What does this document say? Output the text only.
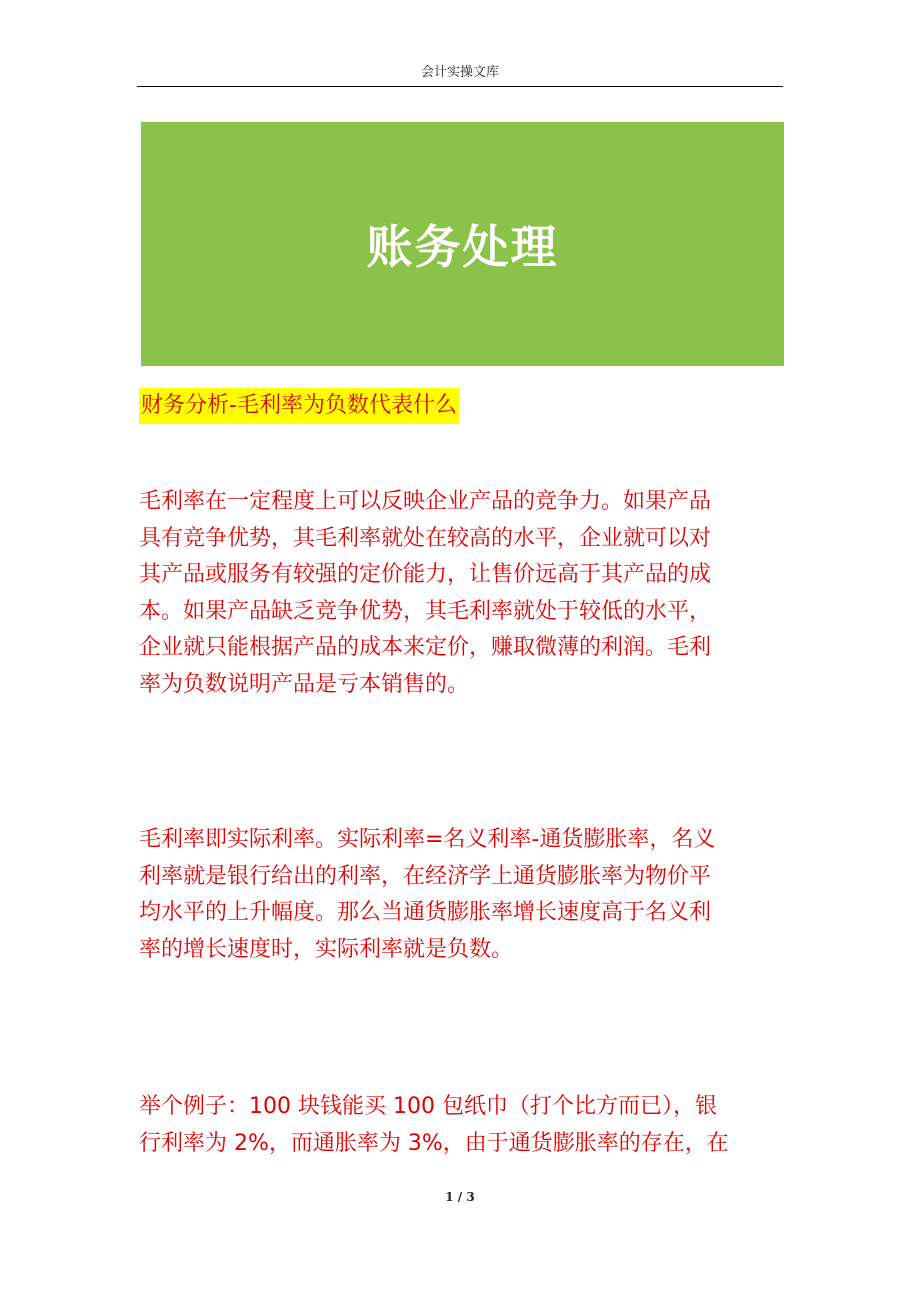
会计实操文库
账务处理
财务分析-毛利率为负数代表什么
毛利率在一定程度上可以反映企业产品的竞争力。如果产品
具有竞争优势，其毛利率就处在较高的水平，企业就可以对
其产品或服务有较强的定价能力，让售价远高于其产品的成
本。如果产品缺乏竞争优势，其毛利率就处于较低的水平，
企业就只能根据产品的成本来定价，赚取微薄的利润。毛利
率为负数说明产品是亏本销售的。
毛利率即实际利率。实际利率=名义利率-通货膨胀率，名义
利率就是银行给出的利率，在经济学上通货膨胀率为物价平
均水平的上升幅度。那么当通货膨胀率增长速度高于名义利
率的增长速度时，实际利率就是负数。
举个例子：100 块钱能买 100 包纸巾（打个比方而已），银
行利率为 2%，而通胀率为 3%，由于通货膨胀率的存在，在
1 / 3
